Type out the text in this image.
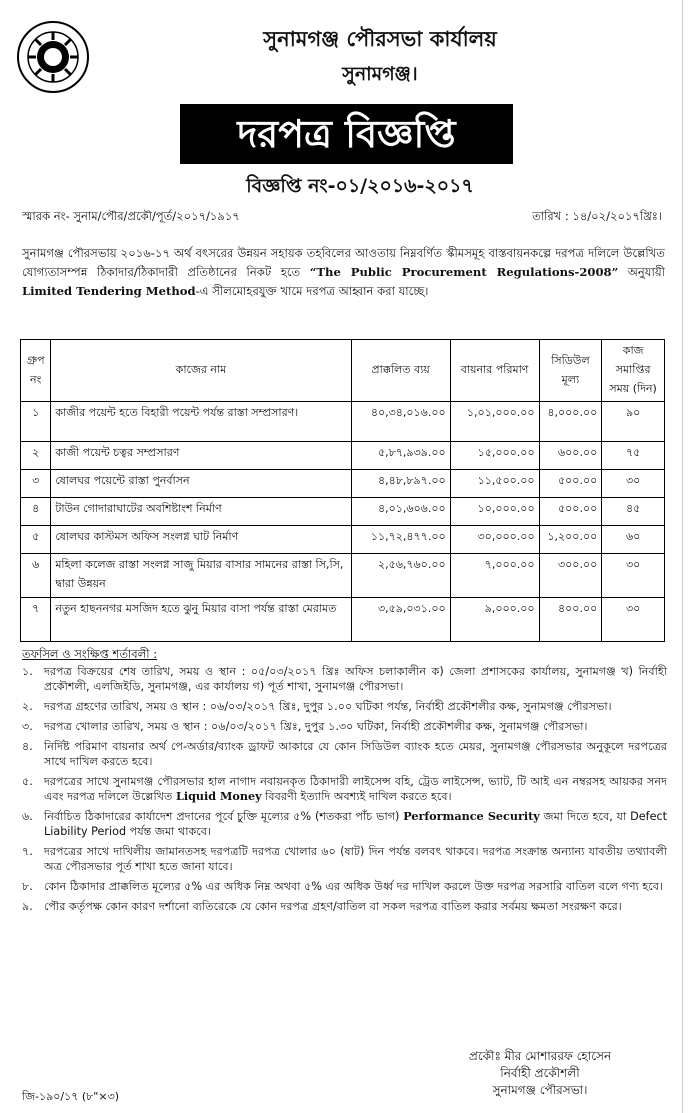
সুনামগঞ্জ পৌরসভা কার্যালয়
সুনামগঞ্জ।
দরপত্র বিজ্ঞপ্তি
বিজ্ঞপ্তি নং-০১/২০১৬-২০১৭
স্মারক নং- সুনাম/পৌর/প্রকৌ/পূর্ত/২০১৭/১৯১৭	তারিখ : ১৪/০২/২০১৭খ্রিঃ।
সুনামগঞ্জ পৌরসভায় ২০১৬-১৭ অর্থ বৎসরের উন্নয়ন সহায়ক তহবিলের আওতায় নিম্নবর্ণিত স্কীমসমূহ বাস্তবায়নকল্পে দরপত্র দলিলে উল্লেখিত যোগ্যতাসম্পন্ন ঠিকাদার/ঠিকাদারী প্রতিষ্ঠানের নিকট হতে “The Public Procurement Regulations-2008” অনুযায়ী Limited Tendering Method-এ সীলমোহরযুক্ত খামে দরপত্র আহ্বান করা যাচ্ছে।
গ্রুপ নং	কাজের নাম	প্রাক্কলিত ব্যয়	বায়নার পরিমাণ	সিডিউল মূল্য	কাজ সমাপ্তির সময় (দিন)
১	কাজীর পয়েন্ট হতে বিহারী পয়েন্ট পর্যন্ত রাস্তা সম্প্রসারণ।	৪০,৩৪,০১৬.০০	১,০১,০০০.০০	৪,০০০.০০	৯০
২	কাজী পয়েন্ট চত্বর সম্প্রসারণ	৫,৮৭,৯৩৯.০০	১৫,০০০.০০	৬০০.০০	৭৫
৩	ষোলঘর পয়েন্টে রাস্তা পুনর্বাসন	৪,৪৮,৮৯৭.০০	১১,৫০০.০০	৫০০.০০	৩০
৪	টাউন গোদারাঘাটের অবশিষ্টাংশ নির্মাণ	৪,০১,৬০৬.০০	১০,০০০.০০	৫০০.০০	৪৫
৫	ষোলঘর কাস্টমস অফিস সংলগ্ন ঘাট নির্মাণ	১১,৭২,৪৭৭.০০	৩০,০০০.০০	১,২০০.০০	৬০
৬	মহিলা কলেজ রাস্তা সংলগ্ন সাজু মিয়ার বাসার সামনের রাস্তা সি,সি, দ্বারা উন্নয়ন	২,৫৬,৭৬০.০০	৭,০০০.০০	৩০০.০০	৩০
৭	নতুন হাছননগর মসজিদ হতে ঝুনু মিয়ার বাসা পর্যন্ত রাস্তা মেরামত	৩,৫৯,০৩১.০০	৯,০০০.০০	৪০০.০০	৩০
তফসিল ও সংক্ষিপ্ত শর্তাবলী :
১. দরপত্র বিক্রয়ের শেষ তারিখ, সময় ও স্থান : ০৫/০৩/২০১৭ খ্রিঃ অফিস চলাকালীন ক) জেলা প্রশাসকের কার্যালয়, সুনামগঞ্জ খ) নির্বাহী প্রকৌশলী, এলজিইডি, সুনামগঞ্জ, এর কার্যালয় গ) পূর্ত শাখা, সুনামগঞ্জ পৌরসভা।
২. দরপত্র গ্রহণের তারিখ, সময় ও স্থান : ০৬/০৩/২০১৭ খ্রিঃ, দুপুর ১.০০ ঘটিকা পর্যন্ত, নির্বাহী প্রকৌশলীর কক্ষ, সুনামগঞ্জ পৌরসভা।
৩. দরপত্র খোলার তারিখ, সময় ও স্থান : ০৬/০৩/২০১৭ খ্রিঃ, দুপুর ১.৩০ ঘটিকা, নির্বাহী প্রকৌশলীর কক্ষ, সুনামগঞ্জ পৌরসভা।
৪. নির্দিষ্ট পরিমাণ বায়নার অর্থ পে-অর্ডার/ব্যাংক ড্রাফট আকারে যে কোন সিডিউল ব্যাংক হতে মেয়র, সুনামগঞ্জ পৌরসভার অনুকূলে দরপত্রের সাথে দাখিল করতে হবে।
৫. দরপত্রের সাথে সুনামগঞ্জ পৌরসভার হাল নাগাদ নবায়নকৃত ঠিকাদারী লাইসেন্স বহি, ট্রেড লাইসেন্স, ভ্যাট, টি আই এন নম্বরসহ আয়কর সনদ এবং দরপত্র দলিলে উল্লেখিত Liquid Money বিবরণী ইত্যাদি অবশ্যই দাখিল করতে হবে।
৬. নির্বাচিত ঠিকাদারের কার্যাদেশ প্রদানের পূর্বে চুক্তি মূল্যের ৫% (শতকরা পাঁচ ভাগ) Performance Security জমা দিতে হবে, যা Defect Liability Period পর্যন্ত জমা থাকবে।
৭. দরপত্রের সাথে দাখিলীয় জামানতসহ দরপত্রটি দরপত্র খোলার ৬০ (ষাট) দিন পর্যন্ত বলবৎ থাকবে। দরপত্র সংক্রান্ত অন্যান্য যাবতীয় তথ্যাবলী অত্র পৌরসভার পূর্ত শাখা হতে জানা যাবে।
৮. কোন ঠিকাদার প্রাক্কলিত মূল্যের ৫% এর অধিক নিম্ন অথবা ৫% এর অধিক উর্ধ্ব দর দাখিল করলে উক্ত দরপত্র সরসারি বাতিল বলে গণ্য হবে।
৯. পৌর কর্তৃপক্ষ কোন কারণ দর্শানো ব্যতিরেকে যে কোন দরপত্র গ্রহণ/বাতিল বা সকল দরপত্র বাতিল করার সর্বময় ক্ষমতা সংরক্ষণ করে।
প্রকৌঃ মীর মোশাররফ হোসেন
নির্বাহী প্রকৌশলী
সুনামগঞ্জ পৌরসভা।
জি-১৯০/১৭ (৮"×৩)
